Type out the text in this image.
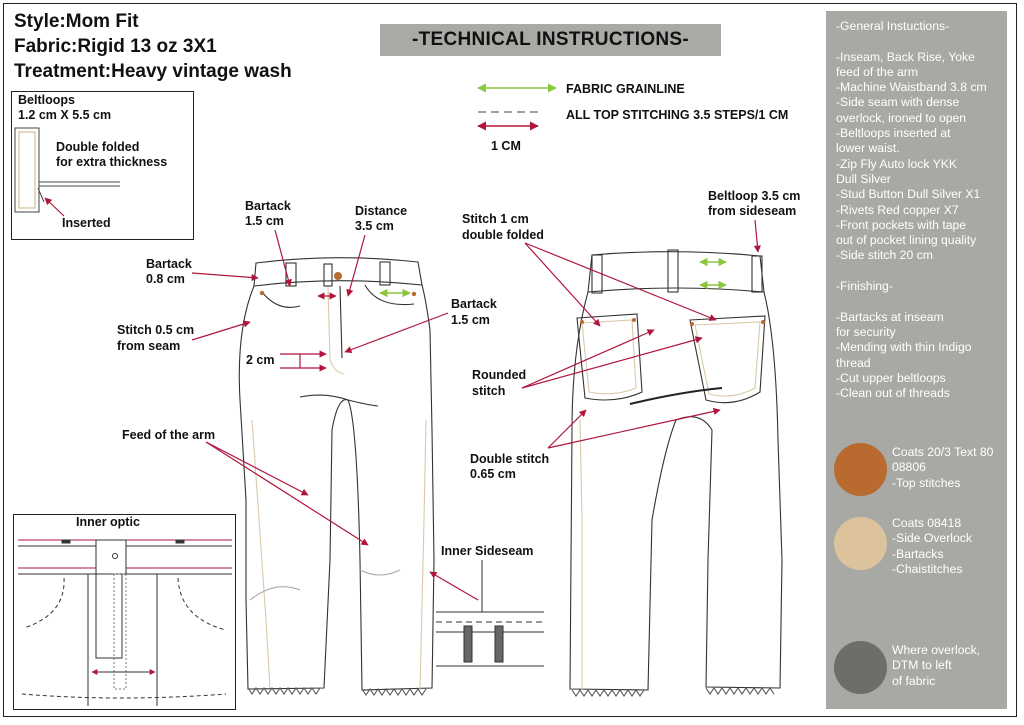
Style:Mom Fit
Fabric:Rigid 13 oz 3X1
Treatment:Heavy vintage wash
-TECHNICAL INSTRUCTIONS-
FABRIC GRAINLINE
ALL TOP STITCHING 3.5 STEPS/1 CM
1 CM
Beltloops
1.2 cm X 5.5 cm
Double folded
for extra thickness
Inserted
Inner optic
Bartack
1.5 cm
Distance
3.5 cm
Bartack
0.8 cm
Bartack
1.5 cm
Stitch 0.5 cm
from seam
2 cm
Feed of the arm
Stitch 1 cm
double folded
Beltloop 3.5 cm
from sideseam
Rounded
stitch
Double stitch
0.65 cm
Inner Sideseam
-General Instuctions-
-Inseam, Back Rise, Yoke
feed of the arm
-Machine Waistband 3.8 cm
-Side seam with dense
overlock, ironed to open
-Beltloops inserted at
lower waist.
-Zip Fly Auto lock YKK
Dull Silver
-Stud Button Dull Silver X1
-Rivets Red copper X7
-Front pockets with tape
out of pocket lining quality
-Side stitch 20 cm
-Finishing-
-Bartacks at inseam
for security
-Mending with thin Indigo
thread
-Cut upper beltloops
-Clean out of threads
Coats 20/3 Text 80
08806
-Top stitches
Coats 08418
-Side Overlock
-Bartacks
-Chaistitches
Where overlock,
DTM to left
of fabric
